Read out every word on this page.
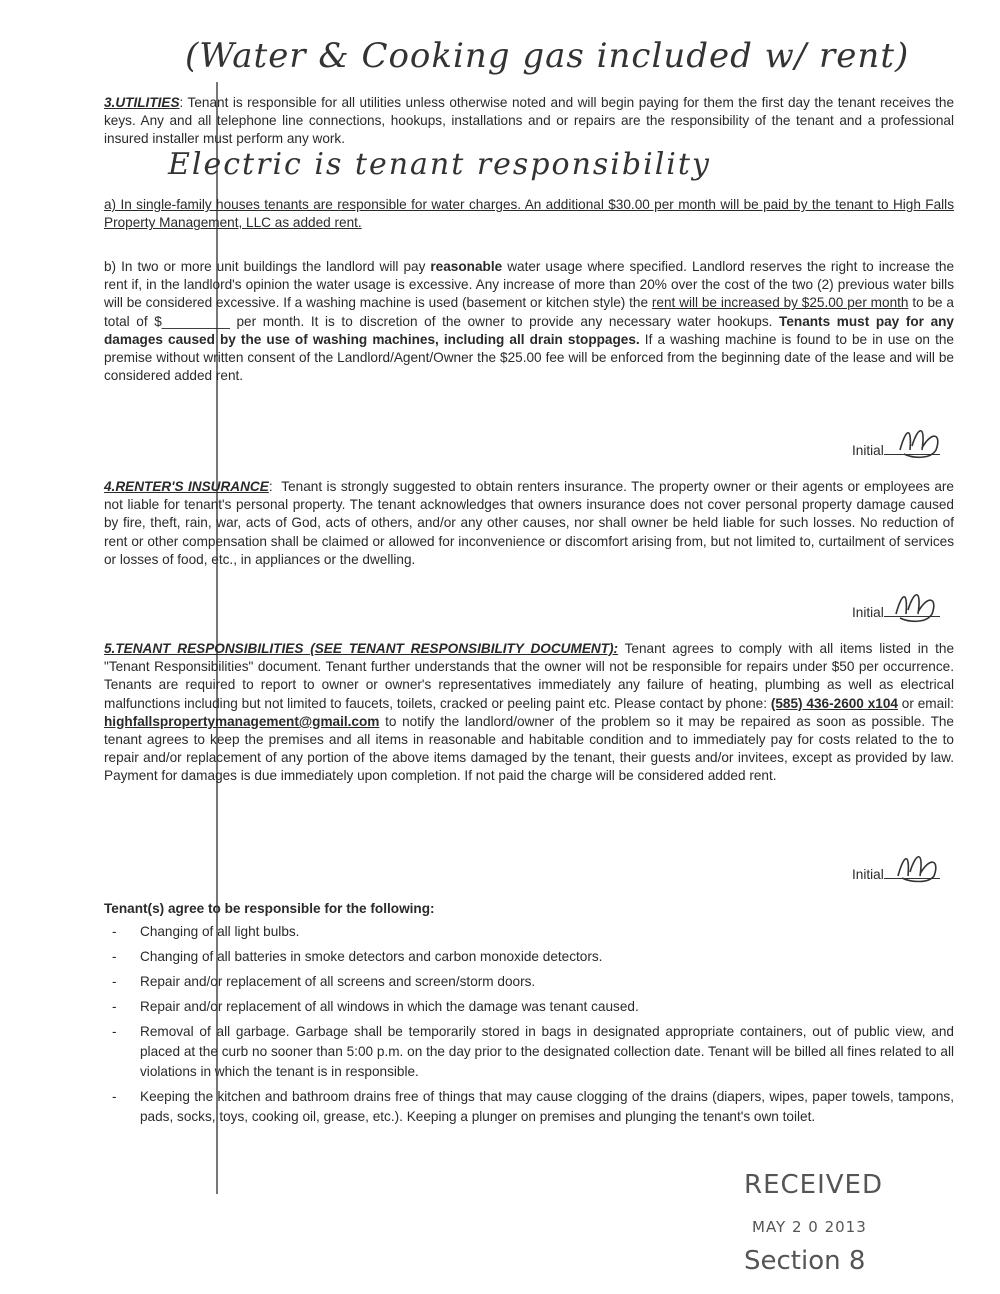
(Water & Cooking gas included w/ rent)
3.UTILITIES: Tenant is responsible for all utilities unless otherwise noted and will begin paying for them the first day the tenant receives the keys. Any and all telephone line connections, hookups, installations and or repairs are the responsibility of the tenant and a professional insured installer must perform any work.
Electric is tenant responsibility
a) In single-family houses tenants are responsible for water charges. An additional $30.00 per month will be paid by the tenant to High Falls Property Management, LLC as added rent.
b) In two or more unit buildings the landlord will pay reasonable water usage where specified. Landlord reserves the right to increase the rent if, in the landlord's opinion the water usage is excessive. Any increase of more than 20% over the cost of the two (2) previous water bills will be considered excessive. If a washing machine is used (basement or kitchen style) the rent will be increased by $25.00 per month to be a total of $_________ per month. It is to discretion of the owner to provide any necessary water hookups. Tenants must pay for any damages caused by the use of washing machines, including all drain stoppages. If a washing machine is found to be in use on the premise without written consent of the Landlord/Agent/Owner the $25.00 fee will be enforced from the beginning date of the lease and will be considered added rent.
Initial
4.RENTER'S INSURANCE:  Tenant is strongly suggested to obtain renters insurance. The property owner or their agents or employees are not liable for tenant's personal property. The tenant acknowledges that owners insurance does not cover personal property damage caused by fire, theft, rain, war, acts of God, acts of others, and/or any other causes, nor shall owner be held liable for such losses. No reduction of rent or other compensation shall be claimed or allowed for inconvenience or discomfort arising from, but not limited to, curtailment of services or losses of food, etc., in appliances or the dwelling.
Initial
5.TENANT RESPONSIBILITIES (SEE TENANT RESPONSIBILITY DOCUMENT): Tenant agrees to comply with all items listed in the "Tenant Responsibilities" document. Tenant further understands that the owner will not be responsible for repairs under $50 per occurrence. Tenants are required to report to owner or owner's representatives immediately any failure of heating, plumbing as well as electrical malfunctions including but not limited to faucets, toilets, cracked or peeling paint etc. Please contact by phone: (585) 436-2600 x104 or email: highfallspropertymanagement@gmail.com to notify the landlord/owner of the problem so it may be repaired as soon as possible. The tenant agrees to keep the premises and all items in reasonable and habitable condition and to immediately pay for costs related to the to repair and/or replacement of any portion of the above items damaged by the tenant, their guests and/or invitees, except as provided by law. Payment for damages is due immediately upon completion. If not paid the charge will be considered added rent.
Initial
Tenant(s) agree to be responsible for the following:
- Changing of all light bulbs.
- Changing of all batteries in smoke detectors and carbon monoxide detectors.
- Repair and/or replacement of all screens and screen/storm doors.
- Repair and/or replacement of all windows in which the damage was tenant caused.
- Removal of all garbage. Garbage shall be temporarily stored in bags in designated appropriate containers, out of public view, and placed at the curb no sooner than 5:00 p.m. on the day prior to the designated collection date. Tenant will be billed all fines related to all violations in which the tenant is in responsible.
- Keeping the kitchen and bathroom drains free of things that may cause clogging of the drains (diapers, wipes, paper towels, tampons, pads, socks, toys, cooking oil, grease, etc.). Keeping a plunger on premises and plunging the tenant's own toilet.
RECEIVED
MAY 2 0 2013
Section 8
